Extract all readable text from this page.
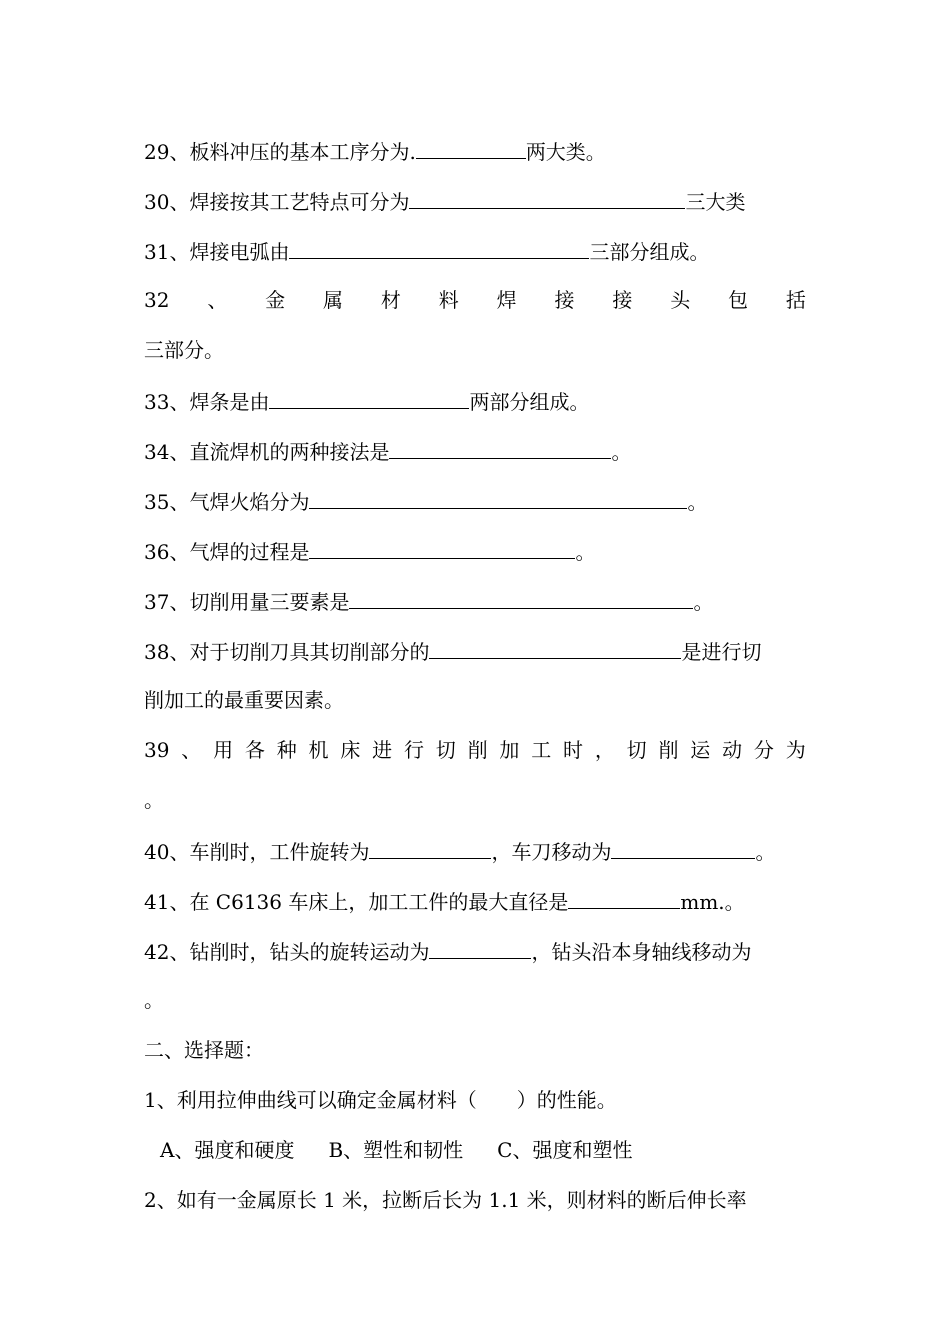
29、板料冲压的基本工序分为.	两大类。
30、焊接按其工艺特点可分为	三大类
31、焊接电弧由	三部分组成。
32 、 金 属 材 料 焊 接 接 头 包 括
三部分。
33、焊条是由	两部分组成。
34、直流焊机的两种接法是	。
35、气焊火焰分为	。
36、气焊的过程是	。
37、切削用量三要素是	。
38、对于切削刀具其切削部分的	是进行切
削加工的最重要因素。
39 、 用 各 种 机 床 进 行 切 削 加 工 时 ， 切 削 运 动 分 为
。
40、车削时，工件旋转为	，车刀移动为	。
41、在 C6136 车床上，加工工件的最大直径是	mm.。
42、钻削时，钻头的旋转运动为	，钻头沿本身轴线移动为
。
二、选择题：
1、利用拉伸曲线可以确定金属材料（　　）的性能。
A、强度和硬度 B、塑性和韧性 C、强度和塑性
2、如有一金属原长 1 米，拉断后长为 1.1 米，则材料的断后伸长率
